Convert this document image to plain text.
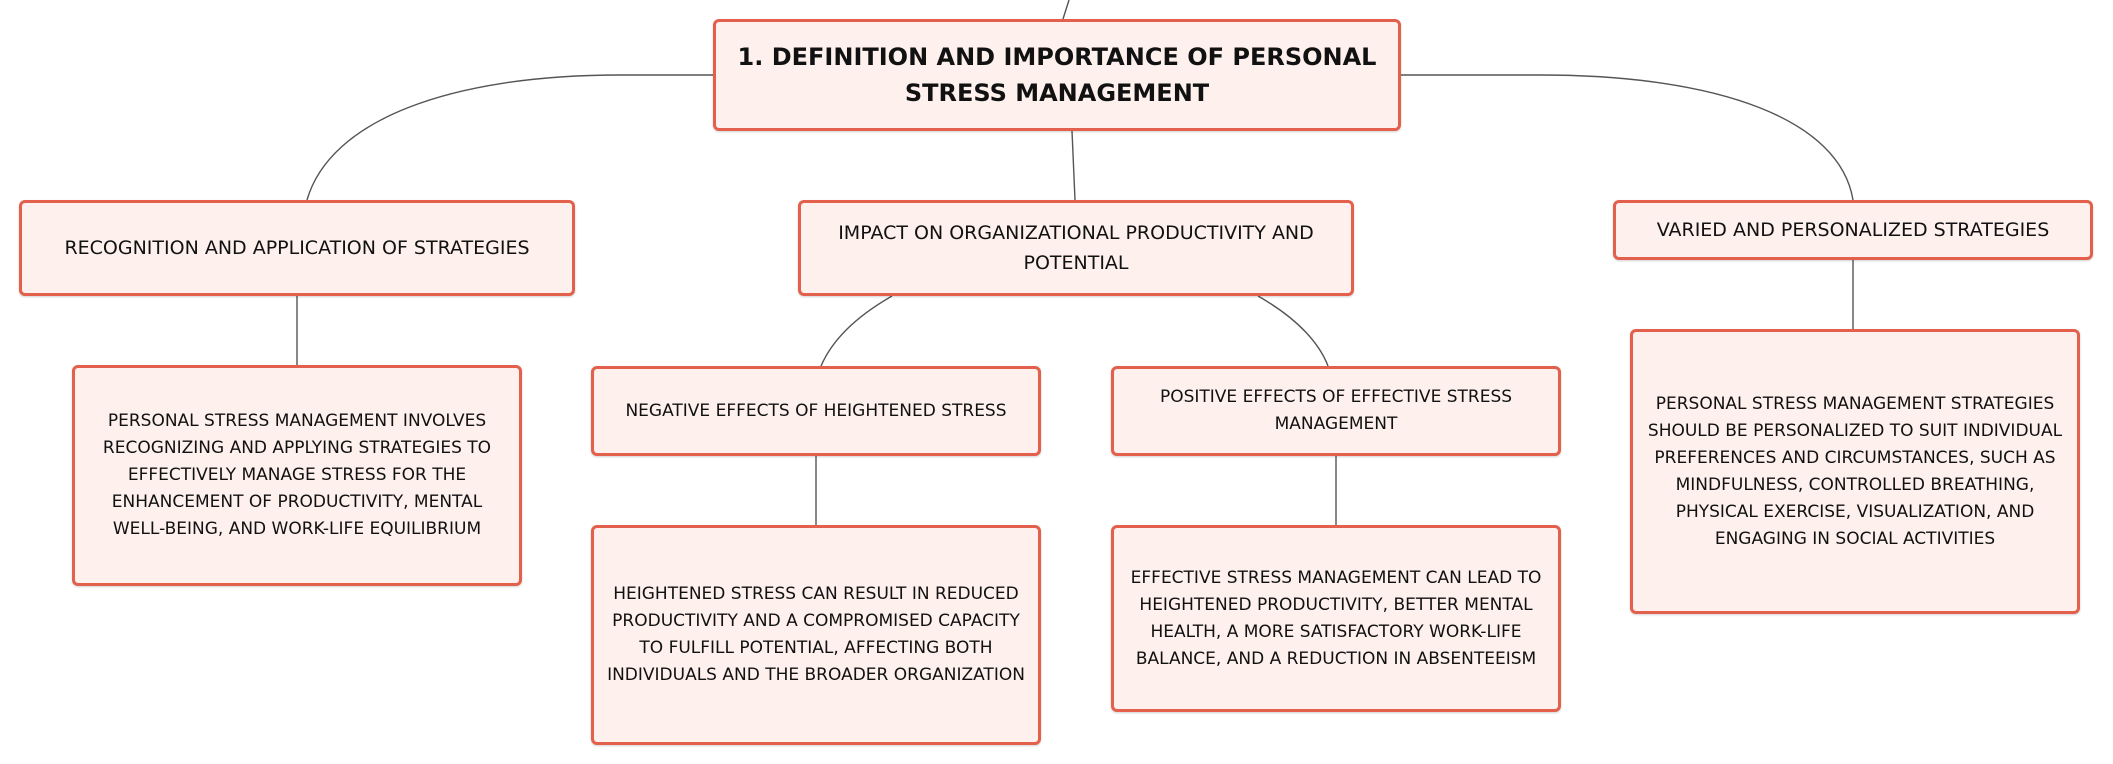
1. DEFINITION AND IMPORTANCE OF PERSONAL STRESS MANAGEMENT
RECOGNITION AND APPLICATION OF STRATEGIES
IMPACT ON ORGANIZATIONAL PRODUCTIVITY AND POTENTIAL
VARIED AND PERSONALIZED STRATEGIES
NEGATIVE EFFECTS OF HEIGHTENED STRESS
POSITIVE EFFECTS OF EFFECTIVE STRESS MANAGEMENT
PERSONAL STRESS MANAGEMENT INVOLVES RECOGNIZING AND APPLYING STRATEGIES TO EFFECTIVELY MANAGE STRESS FOR THE ENHANCEMENT OF PRODUCTIVITY, MENTAL WELL-BEING, AND WORK-LIFE EQUILIBRIUM
HEIGHTENED STRESS CAN RESULT IN REDUCED PRODUCTIVITY AND A COMPROMISED CAPACITY TO FULFILL POTENTIAL, AFFECTING BOTH INDIVIDUALS AND THE BROADER ORGANIZATION
EFFECTIVE STRESS MANAGEMENT CAN LEAD TO HEIGHTENED PRODUCTIVITY, BETTER MENTAL HEALTH, A MORE SATISFACTORY WORK-LIFE BALANCE, AND A REDUCTION IN ABSENTEEISM
PERSONAL STRESS MANAGEMENT STRATEGIES SHOULD BE PERSONALIZED TO SUIT INDIVIDUAL PREFERENCES AND CIRCUMSTANCES, SUCH AS MINDFULNESS, CONTROLLED BREATHING, PHYSICAL EXERCISE, VISUALIZATION, AND ENGAGING IN SOCIAL ACTIVITIES
